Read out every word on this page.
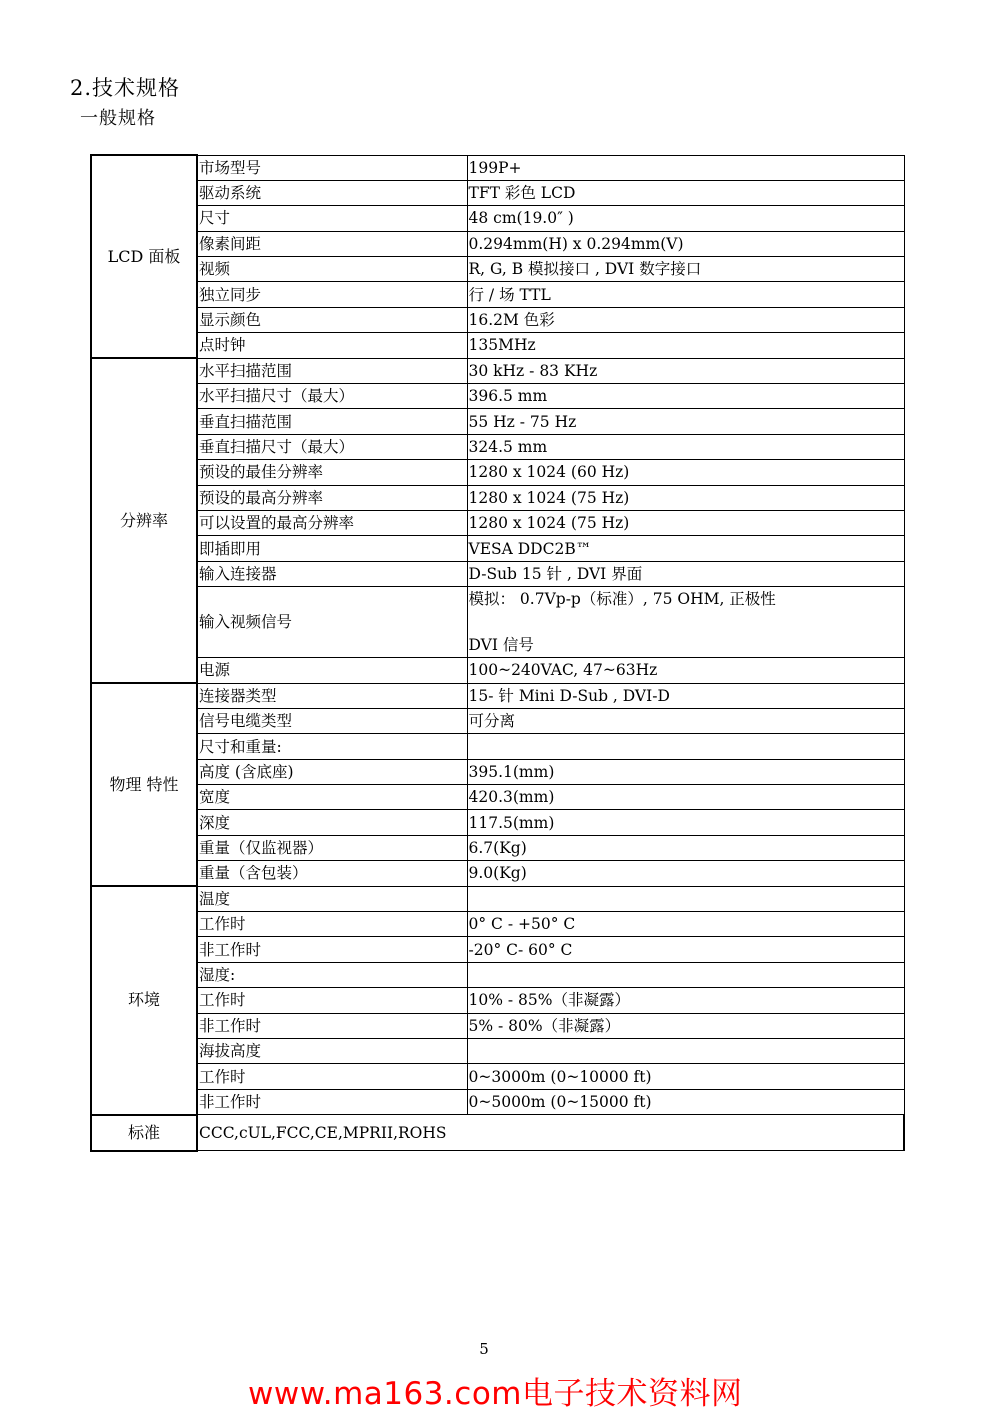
2.技术规格
一般规格
LCD 面板	市场型号	199P+
	驱动系统	TFT 彩色 LCD
	尺寸	48 cm(19.0″ )
	像素间距	0.294mm(H) x 0.294mm(V)
	视频	R, G, B 模拟接口 , DVI 数字接口
	独立同步	行 / 场 TTL
	显示颜色	16.2M 色彩
	点时钟	135MHz
分辨率	水平扫描范围	30 kHz - 83 KHz
	水平扫描尺寸（最大）	396.5 mm
	垂直扫描范围	55 Hz - 75 Hz
	垂直扫描尺寸（最大）	324.5 mm
	预设的最佳分辨率	1280 x 1024 (60 Hz)
	预设的最高分辨率	1280 x 1024 (75 Hz)
	可以设置的最高分辨率	1280 x 1024 (75 Hz)
	即插即用	VESA DDC2B™
	输入连接器	D-Sub 15 针 , DVI 界面
	输入视频信号	模拟： 0.7Vp-p（标准）, 75 OHM, 正极性
DVI 信号

	电源	100~240VAC, 47~63Hz
物理 特性	连接器类型	15- 针 Mini D-Sub , DVI-D
	信号电缆类型	可分离
	尺寸和重量:	
	高度 (含底座)	395.1(mm)
	宽度	420.3(mm)
	深度	117.5(mm)
	重量（仅监视器）	6.7(Kg)
	重量（含包装）	9.0(Kg)
环境	温度	
	工作时	0° C - +50° C
	非工作时	-20° C- 60° C
	湿度:	
	工作时	10% - 85%（非凝露）
	非工作时	5% - 80%（非凝露）
	海拔高度	
	工作时	0~3000m (0~10000 ft)
	非工作时	0~5000m (0~15000 ft)
标准	CCC,cUL,FCC,CE,MPRII,ROHS	
5
www.ma163.com电子技术资料网
